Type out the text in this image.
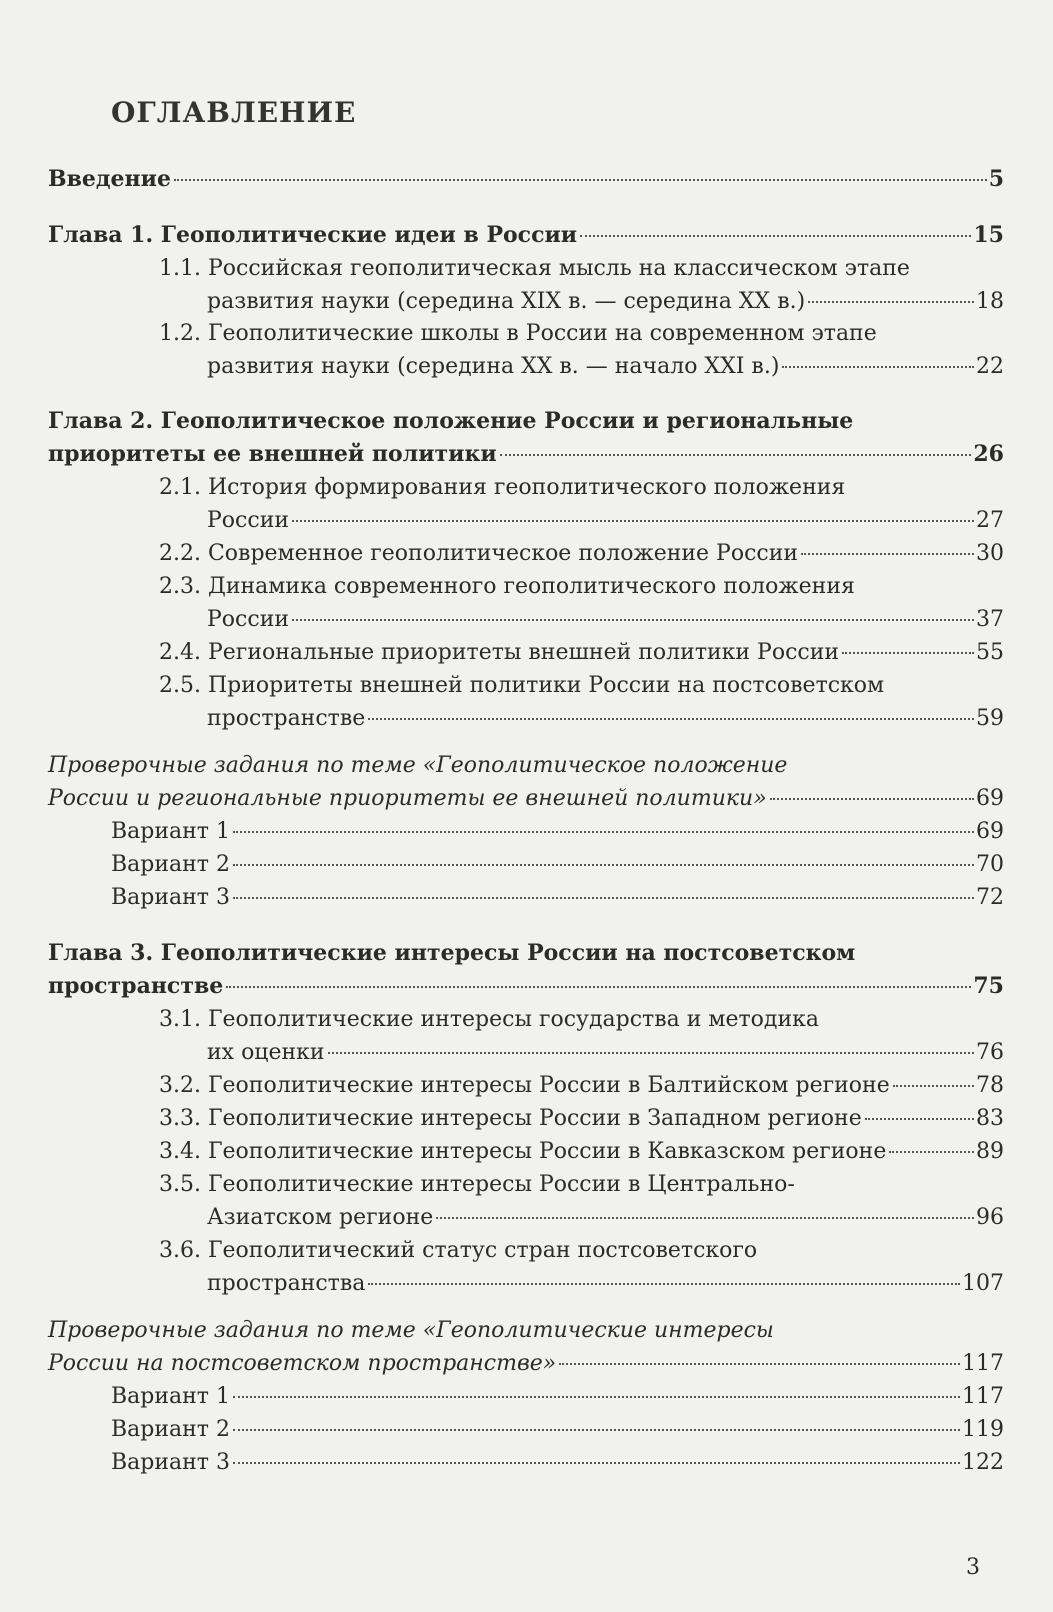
ОГЛАВЛЕНИЕ
Введение	5
Глава 1. Геополитические идеи в России	15
1.1. Российская геополитическая мысль на классическом этапе
развития науки (середина XIX в. — середина XX в.)	18
1.2. Геополитические школы в России на современном этапе
развития науки (середина XX в. — начало XXI в.)	22
Глава 2. Геополитическое положение России и региональные
приоритеты ее внешней политики	26
2.1. История формирования геополитического положения
России	27
2.2. Современное геополитическое положение России	30
2.3. Динамика современного геополитического положения
России	37
2.4. Региональные приоритеты внешней политики России	55
2.5. Приоритеты внешней политики России на постсоветском
пространстве	59
Проверочные задания по теме «Геополитическое положение
России и региональные приоритеты ее внешней политики»	69
Вариант 1	69
Вариант 2	70
Вариант 3	72
Глава 3. Геополитические интересы России на постсоветском
пространстве	75
3.1. Геополитические интересы государства и методика
их оценки	76
3.2. Геополитические интересы России в Балтийском регионе	78
3.3. Геополитические интересы России в Западном регионе	83
3.4. Геополитические интересы России в Кавказском регионе	89
3.5. Геополитические интересы России в Центрально-
Азиатском регионе	96
3.6. Геополитический статус стран постсоветского
пространства	107
Проверочные задания по теме «Геополитические интересы
России на постсоветском пространстве»	117
Вариант 1	117
Вариант 2	119
Вариант 3	122
3
